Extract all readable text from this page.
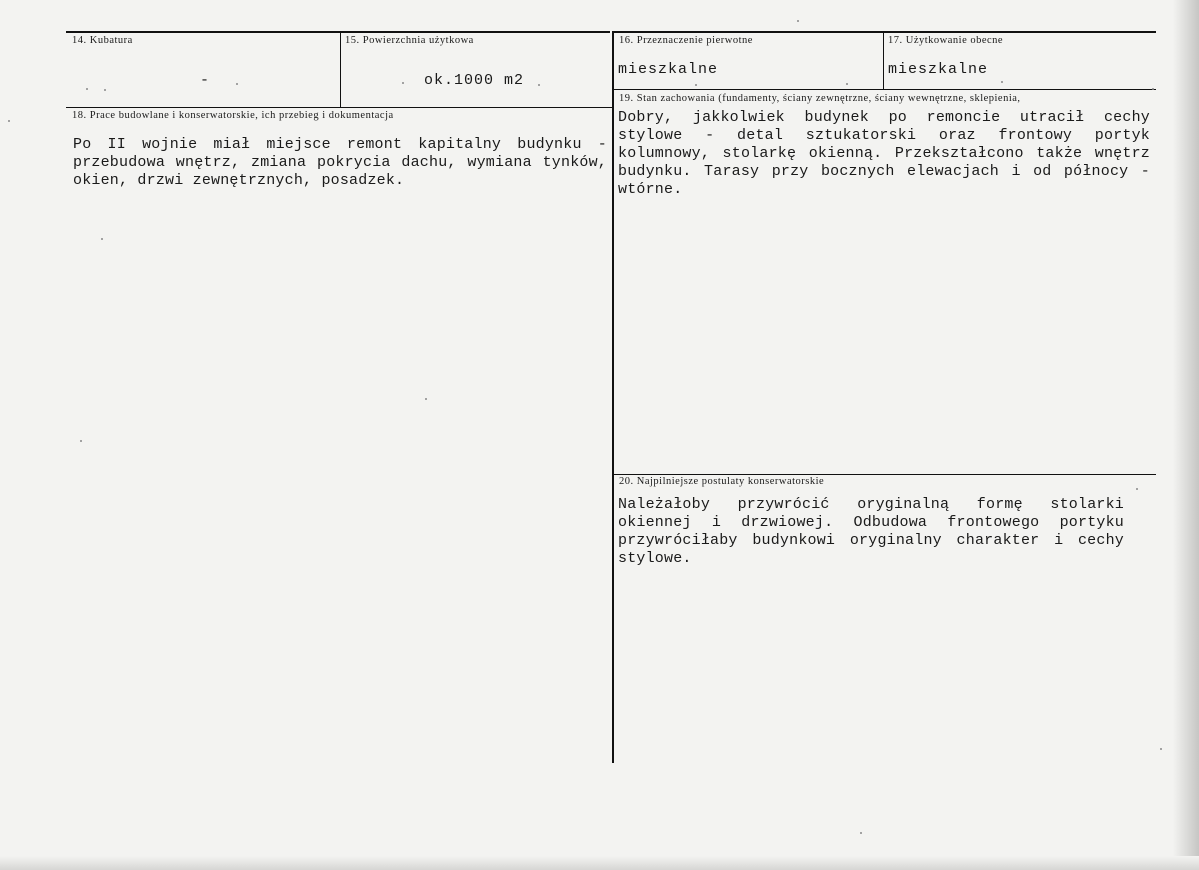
14. Kubatura
-
15. Powierzchnia użytkowa
ok.1000 m2
16. Przeznaczenie pierwotne
mieszkalne
17. Użytkowanie obecne
mieszkalne
18. Prace budowlane i konserwatorskie, ich przebieg i dokumentacja
Po II wojnie miał miejsce remont kapitalny budynku - przebudowa wnętrz, zmiana pokrycia dachu, wymiana tynków, okien, drzwi zewnętrznych, posadzek.
19. Stan zachowania (fundamenty, ściany zewnętrzne, ściany wewnętrzne, sklepienia,
Dobry, jakkolwiek budynek po remoncie utracił cechy stylowe - detal sztukatorski oraz frontowy portyk kolumnowy, stolarkę okienną. Przekształcono także wnętrz budynku. Tarasy przy bocznych elewacjach i od północy - wtórne.
20. Najpilniejsze postulaty konserwatorskie
Należałoby przywrócić oryginalną formę stolarki okiennej i drzwiowej. Odbudowa frontowego portyku przywróciłaby budynkowi oryginalny charakter i cechy stylowe.
